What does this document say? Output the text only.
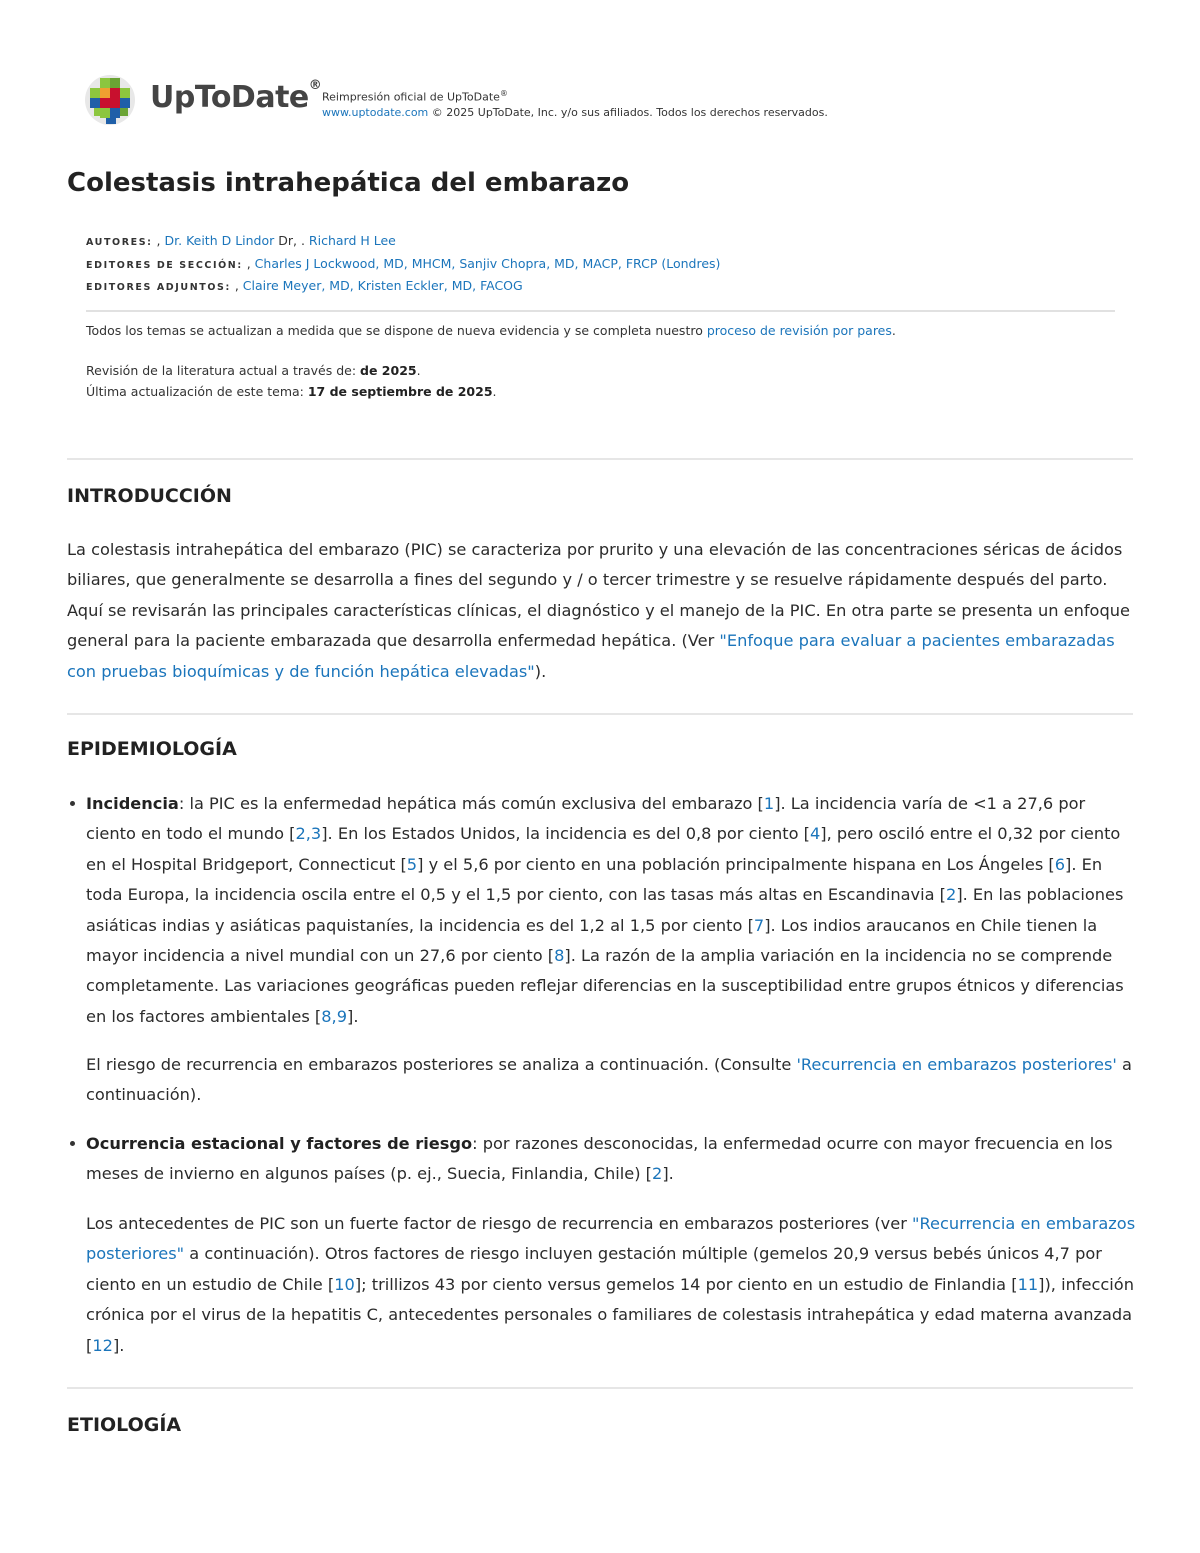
UpToDate®
Reimpresión oficial de UpToDate®
www.uptodate.com © 2025 UpToDate, Inc. y/o sus afiliados. Todos los derechos reservados.
Colestasis intrahepática del embarazo
AUTORES: , Dr. Keith D Lindor Dr, . Richard H Lee
EDITORES DE SECCIÓN: , Charles J Lockwood, MD, MHCM, Sanjiv Chopra, MD, MACP, FRCP (Londres)
EDITORES ADJUNTOS: , Claire Meyer, MD, Kristen Eckler, MD, FACOG
Todos los temas se actualizan a medida que se dispone de nueva evidencia y se completa nuestro proceso de revisión por pares.
Revisión de la literatura actual a través de: de 2025.
Última actualización de este tema: 17 de septiembre de 2025.
INTRODUCCIÓN

La colestasis intrahepática del embarazo (PIC) se caracteriza por prurito y una elevación de las concentraciones séricas de ácidos biliares, que generalmente se desarrolla a fines del segundo y / o tercer trimestre y se resuelve rápidamente después del parto. Aquí se revisarán las principales características clínicas, el diagnóstico y el manejo de la PIC. En otra parte se presenta un enfoque general para la paciente embarazada que desarrolla enfermedad hepática. (Ver "Enfoque para evaluar a pacientes embarazadas con pruebas bioquímicas y de función hepática elevadas").

EPIDEMIOLOGÍA

Incidencia: la PIC es la enfermedad hepática más común exclusiva del embarazo [1]. La incidencia varía de <1 a 27,6 por ciento en todo el mundo [2,3]. En los Estados Unidos, la incidencia es del 0,8 por ciento [4], pero osciló entre el 0,32 por ciento en el Hospital Bridgeport, Connecticut [5] y el 5,6 por ciento en una población principalmente hispana en Los Ángeles [6]. En toda Europa, la incidencia oscila entre el 0,5 y el 1,5 por ciento, con las tasas más altas en Escandinavia [2]. En las poblaciones asiáticas indias y asiáticas paquistaníes, la incidencia es del 1,2 al 1,5 por ciento [7]. Los indios araucanos en Chile tienen la mayor incidencia a nivel mundial con un 27,6 por ciento [8]. La razón de la amplia variación en la incidencia no se comprende completamente. Las variaciones geográficas pueden reflejar diferencias en la susceptibilidad entre grupos étnicos y diferencias en los factores ambientales [8,9].

El riesgo de recurrencia en embarazos posteriores se analiza a continuación. (Consulte 'Recurrencia en embarazos posteriores' a continuación).

Ocurrencia estacional y factores de riesgo: por razones desconocidas, la enfermedad ocurre con mayor frecuencia en los meses de invierno en algunos países (p. ej., Suecia, Finlandia, Chile) [2].

Los antecedentes de PIC son un fuerte factor de riesgo de recurrencia en embarazos posteriores (ver "Recurrencia en embarazos posteriores" a continuación). Otros factores de riesgo incluyen gestación múltiple (gemelos 20,9 versus bebés únicos 4,7 por ciento en un estudio de Chile [10]; trillizos 43 por ciento versus gemelos 14 por ciento en un estudio de Finlandia [11]), infección crónica por el virus de la hepatitis C, antecedentes personales o familiares de colestasis intrahepática y edad materna avanzada [12].

ETIOLOGÍA
